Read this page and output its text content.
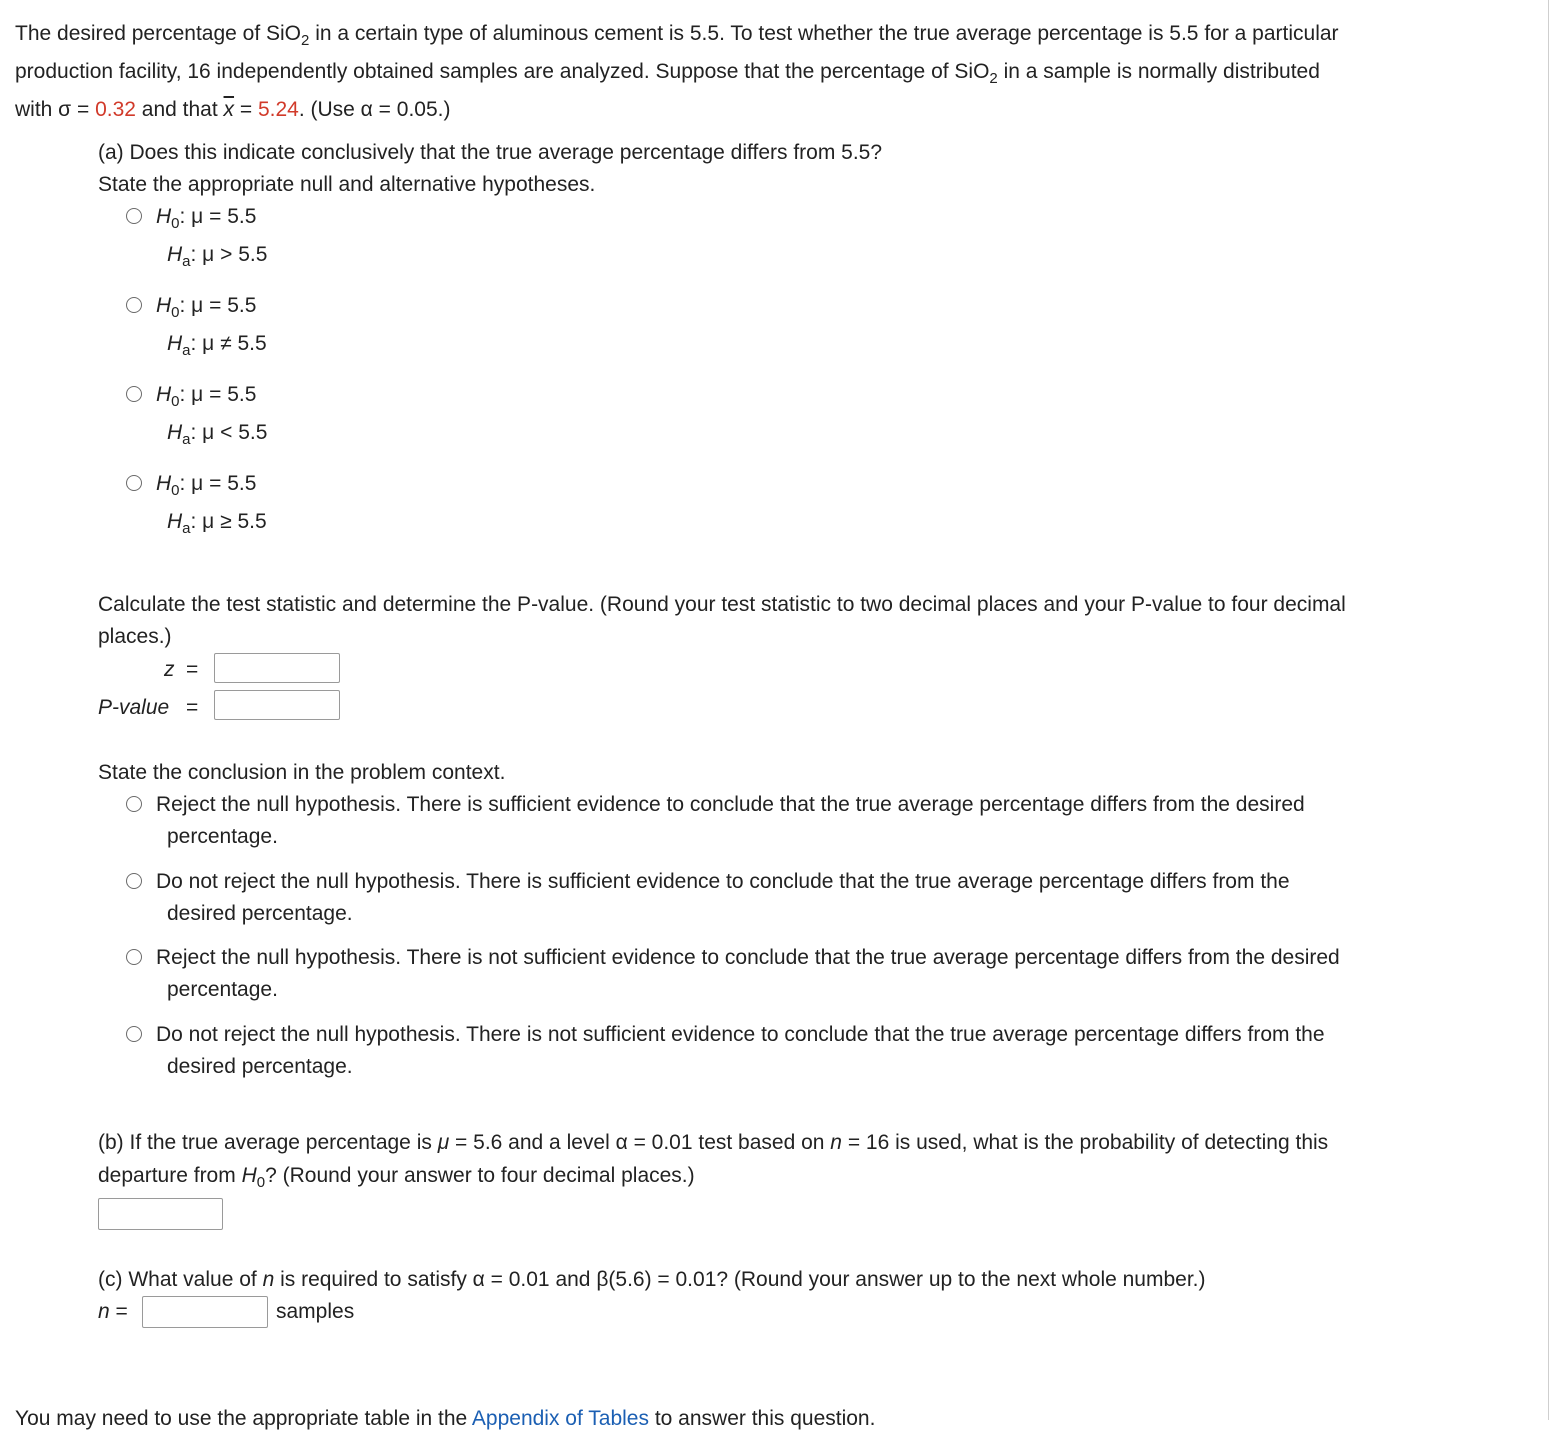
The desired percentage of SiO$_2$ in a certain type of aluminous cement is 5.5. To test whether the true average percentage is 5.5 for a particular
production facility, 16 independently obtained samples are analyzed. Suppose that the percentage of SiO$_2$ in a sample is normally distributed
with σ = 0.32 and that $\overline{x} = 5.24$. (Use α = 0.05.)
(a) Does this indicate conclusively that the true average percentage differs from 5.5?
State the appropriate null and alternative hypotheses.
$H_0$: μ = 5.5
$H_a$: μ > 5.5
$H_0$: μ = 5.5
$H_a$: μ ≠ 5.5
$H_0$: μ = 5.5
$H_a$: μ < 5.5
$H_0$: μ = 5.5
$H_a$: μ ≥ 5.5
Calculate the test statistic and determine the P-value. (Round your test statistic to two decimal places and your P-value to four decimal
places.)
z =
P-value =
State the conclusion in the problem context.
Reject the null hypothesis. There is sufficient evidence to conclude that the true average percentage differs from the desired
percentage.
Do not reject the null hypothesis. There is sufficient evidence to conclude that the true average percentage differs from the
desired percentage.
Reject the null hypothesis. There is not sufficient evidence to conclude that the true average percentage differs from the desired
percentage.
Do not reject the null hypothesis. There is not sufficient evidence to conclude that the true average percentage differs from the
desired percentage.
(b) If the true average percentage is μ = 5.6 and a level α = 0.01 test based on n = 16 is used, what is the probability of detecting this
departure from $H_0$? (Round your answer to four decimal places.)
(c) What value of n is required to satisfy α = 0.01 and β(5.6) = 0.01? (Round your answer up to the next whole number.)
n =	samples
You may need to use the appropriate table in the Appendix of Tables to answer this question.
